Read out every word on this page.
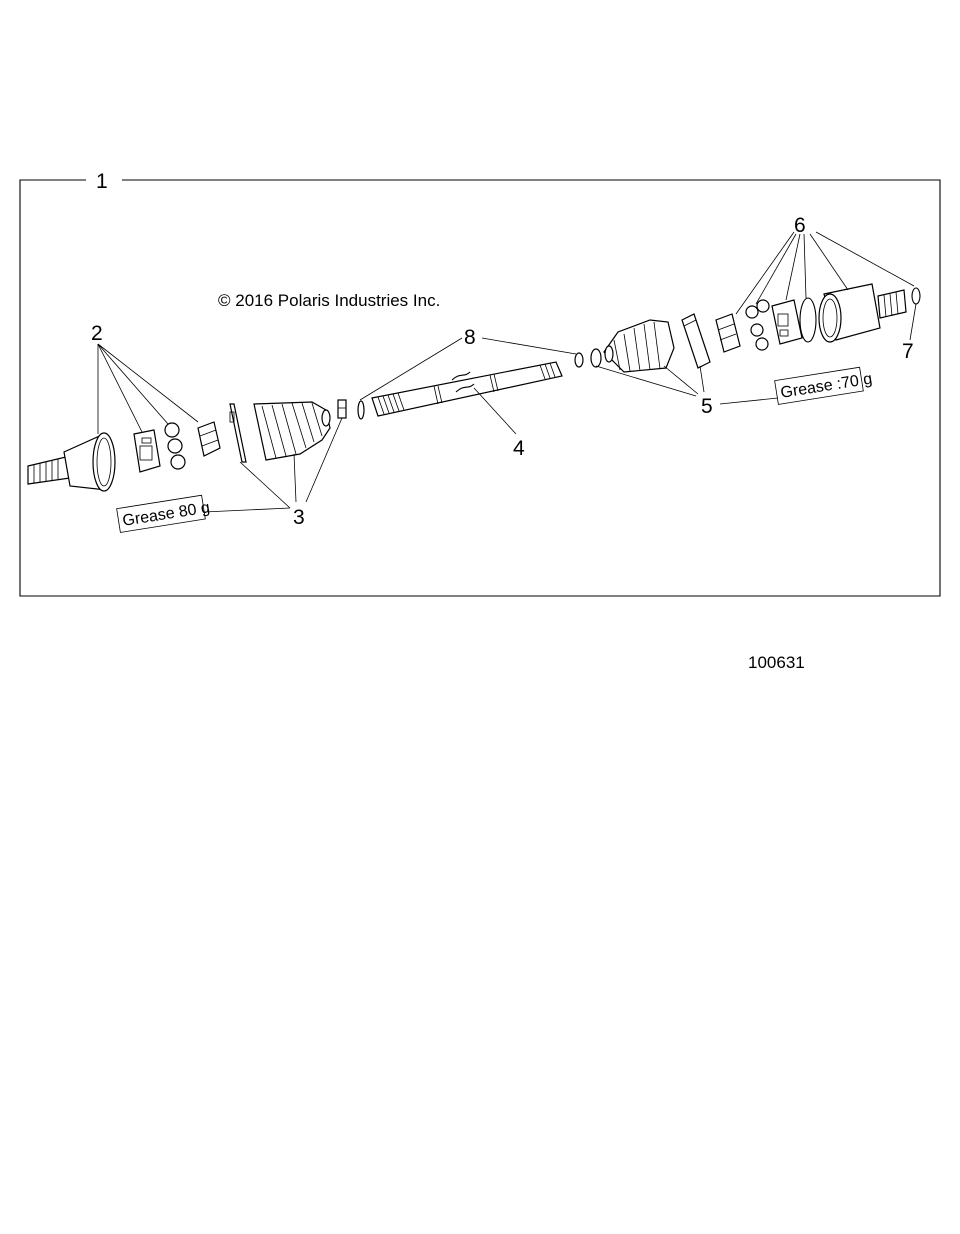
1
© 2016 Polaris Industries Inc.
2
3
4
5
6
7
8
Grease 80 g
Grease :70 g
100631
